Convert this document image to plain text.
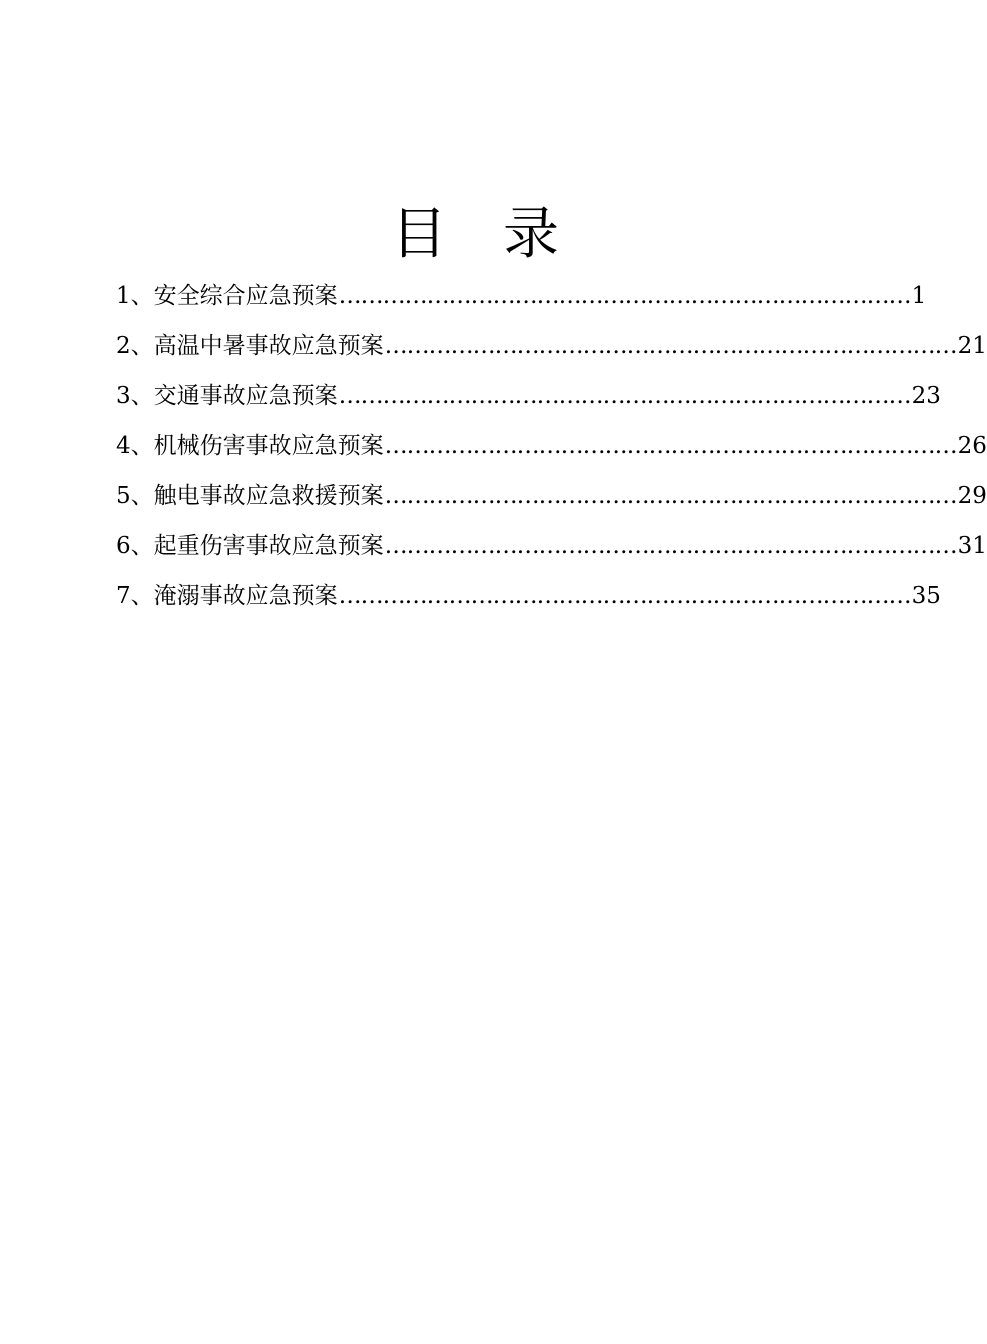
目 录
1、 安全综合应急预案 …………………………………………………………………… 1
2、 高温中暑事故应急预案 …………………………………………………………………… 21
3、 交通事故应急预案 …………………………………………………………………… 23
4、 机械伤害事故应急预案 …………………………………………………………………… 26
5、 触电事故应急救援预案 …………………………………………………………………… 29
6、 起重伤害事故应急预案 …………………………………………………………………… 31
7、 淹溺事故应急预案 …………………………………………………………………… 35
